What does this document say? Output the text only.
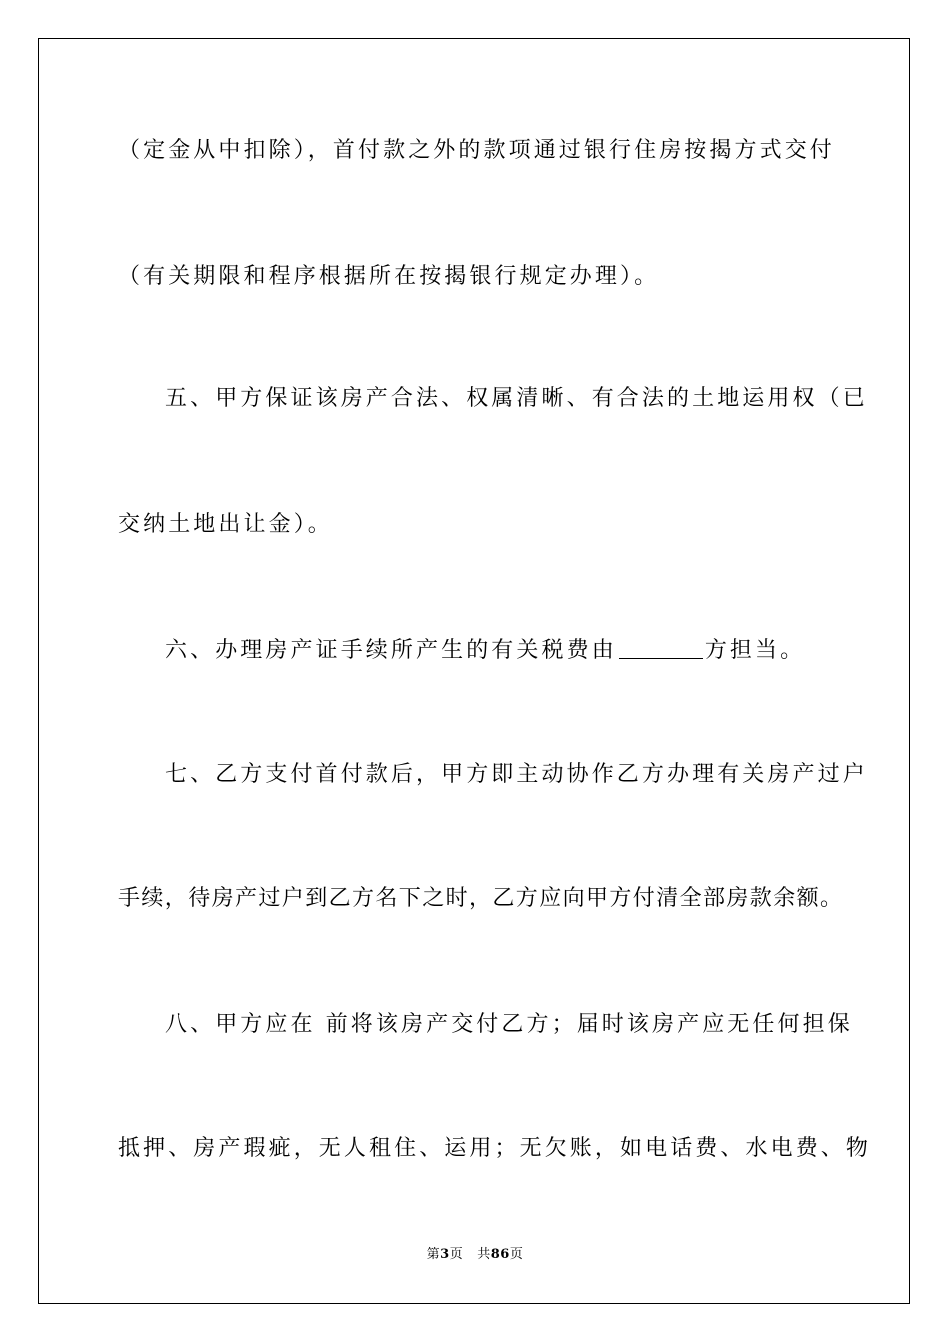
（定金从中扣除），首付款之外的款项通过银行住房按揭方式交付
（有关期限和程序根据所在按揭银行规定办理）。
五、甲方保证该房产合法、权属清晰、有合法的土地运用权（已
交纳土地出让金）。
六、办理房产证手续所产生的有关税费由	方担当。
七、乙方支付首付款后，甲方即主动协作乙方办理有关房产过户
手续，待房产过户到乙方名下之时，乙方应向甲方付清全部房款余额。
八、甲方应在 前将该房产交付乙方；届时该房产应无任何担保
抵押、房产瑕疵，无人租住、运用；无欠账，如电话费、水电费、物
第3页 共86页
